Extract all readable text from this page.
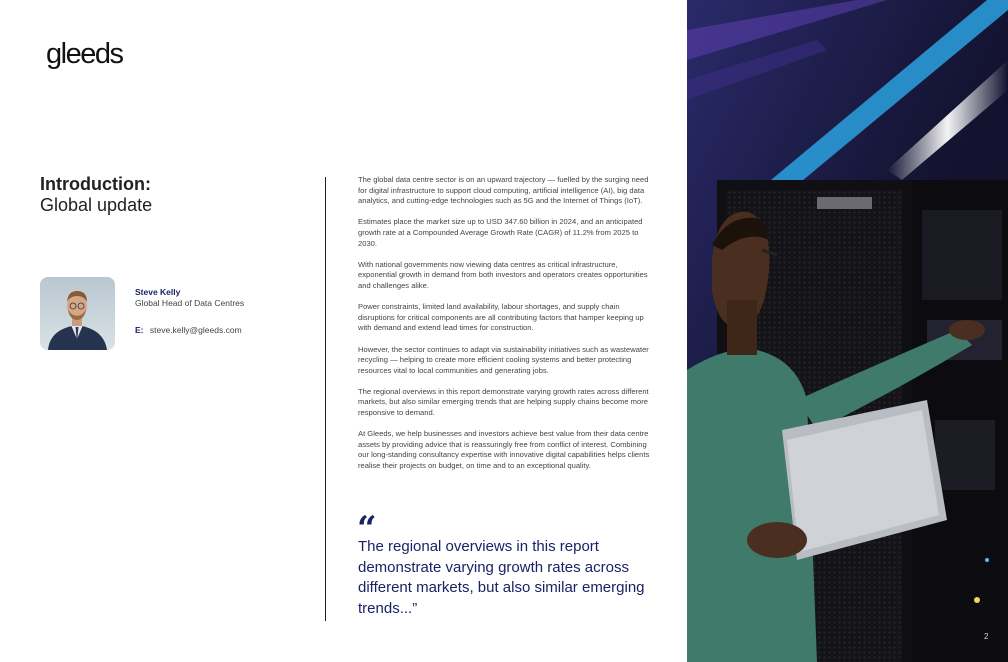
gleeds
Introduction:
Global update
Steve Kelly
Global Head of Data Centres
E: steve.kelly@gleeds.com

The global data centre sector is on an upward trajectory — fuelled by the surging need for digital infrastructure to support cloud computing, artificial intelligence (AI), big data analytics, and cutting-edge technologies such as 5G and the Internet of Things (IoT).

Estimates place the market size up to USD 347.60 billion in 2024, and an anticipated growth rate at a Compounded Average Growth Rate (CAGR) of 11.2% from 2025 to 2030.

With national governments now viewing data centres as critical infrastructure, exponential growth in demand from both investors and operators creates opportunities and challenges alike.

Power constraints, limited land availability, labour shortages, and supply chain disruptions for critical components are all contributing factors that hamper keeping up with demand and extend lead times for construction.

However, the sector continues to adapt via sustainability initiatives such as wastewater recycling — helping to create more efficient cooling systems and better protecting resources vital to local communities and generating jobs.

The regional overviews in this report demonstrate varying growth rates across different markets, but also similar emerging trends that are helping supply chains become more responsive to demand.

At Gleeds, we help businesses and investors achieve best value from their data centre assets by providing advice that is reassuringly free from conflict of interest. Combining our long-standing consultancy expertise with innovative digital capabilities helps clients realise their projects on budget, on time and to an exceptional quality.

“
The regional overviews in this report demonstrate varying growth rates across different markets, but also similar emerging trends...”
2
